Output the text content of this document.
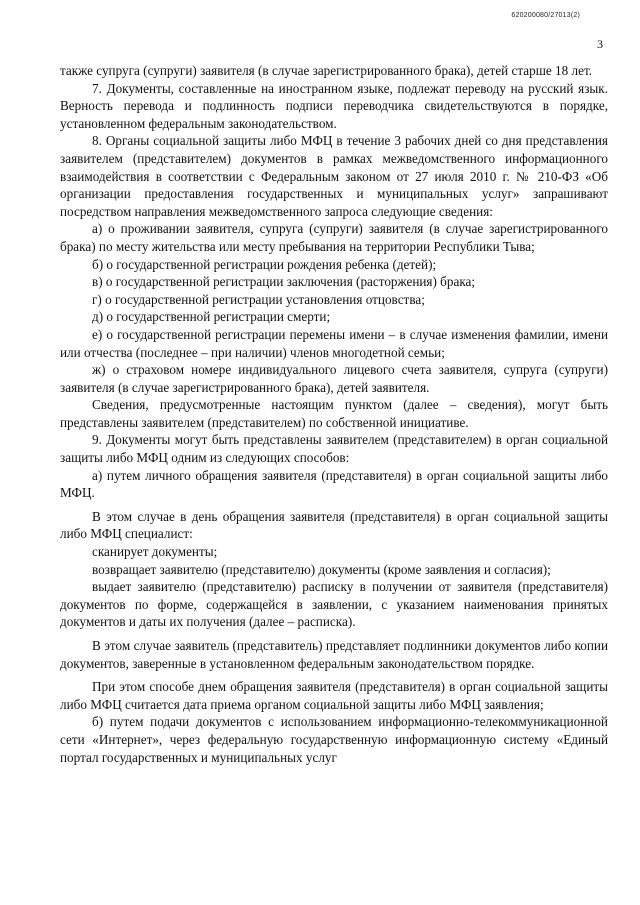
620200080/27013(2)
3

также супруга (супруги) заявителя (в случае зарегистрированного брака), детей старше 18 лет.

7. Документы, составленные на иностранном языке, подлежат переводу на русский язык. Верность перевода и подлинность подписи переводчика свидетельствуются в порядке, установленном федеральным законодательством.

8. Органы социальной защиты либо МФЦ в течение 3 рабочих дней со дня представления заявителем (представителем) документов в рамках межведомственного информационного взаимодействия в соответствии с Федеральным законом от 27 июля 2010 г. № 210-ФЗ «Об организации предоставления государственных и муниципальных услуг» запрашивают посредством направления межведомственного запроса следующие сведения:

а) о проживании заявителя, супруга (супруги) заявителя (в случае зарегистрированного брака) по месту жительства или месту пребывания на территории Республики Тыва;

б) о государственной регистрации рождения ребенка (детей);

в) о государственной регистрации заключения (расторжения) брака;

г) о государственной регистрации установления отцовства;

д) о государственной регистрации смерти;

е) о государственной регистрации перемены имени – в случае изменения фамилии, имени или отчества (последнее – при наличии) членов многодетной семьи;

ж) о страховом номере индивидуального лицевого счета заявителя, супруга (супруги) заявителя (в случае зарегистрированного брака), детей заявителя.

Сведения, предусмотренные настоящим пунктом (далее – сведения), могут быть представлены заявителем (представителем) по собственной инициативе.

9. Документы могут быть представлены заявителем (представителем) в орган социальной защиты либо МФЦ одним из следующих способов:

а) путем личного обращения заявителя (представителя) в орган социальной защиты либо МФЦ.

В этом случае в день обращения заявителя (представителя) в орган социальной защиты либо МФЦ специалист:

сканирует документы;

возвращает заявителю (представителю) документы (кроме заявления и согласия);

выдает заявителю (представителю) расписку в получении от заявителя (представителя) документов по форме, содержащейся в заявлении, с указанием наименования принятых документов и даты их получения (далее – расписка).

В этом случае заявитель (представитель) представляет подлинники документов либо копии документов, заверенные в установленном федеральным законодательством порядке.

При этом способе днем обращения заявителя (представителя) в орган социальной защиты либо МФЦ считается дата приема органом социальной защиты либо МФЦ заявления;

б) путем подачи документов с использованием информационно-телекоммуникационной сети «Интернет», через федеральную государственную информационную систему «Единый портал государственных и муниципальных услуг
